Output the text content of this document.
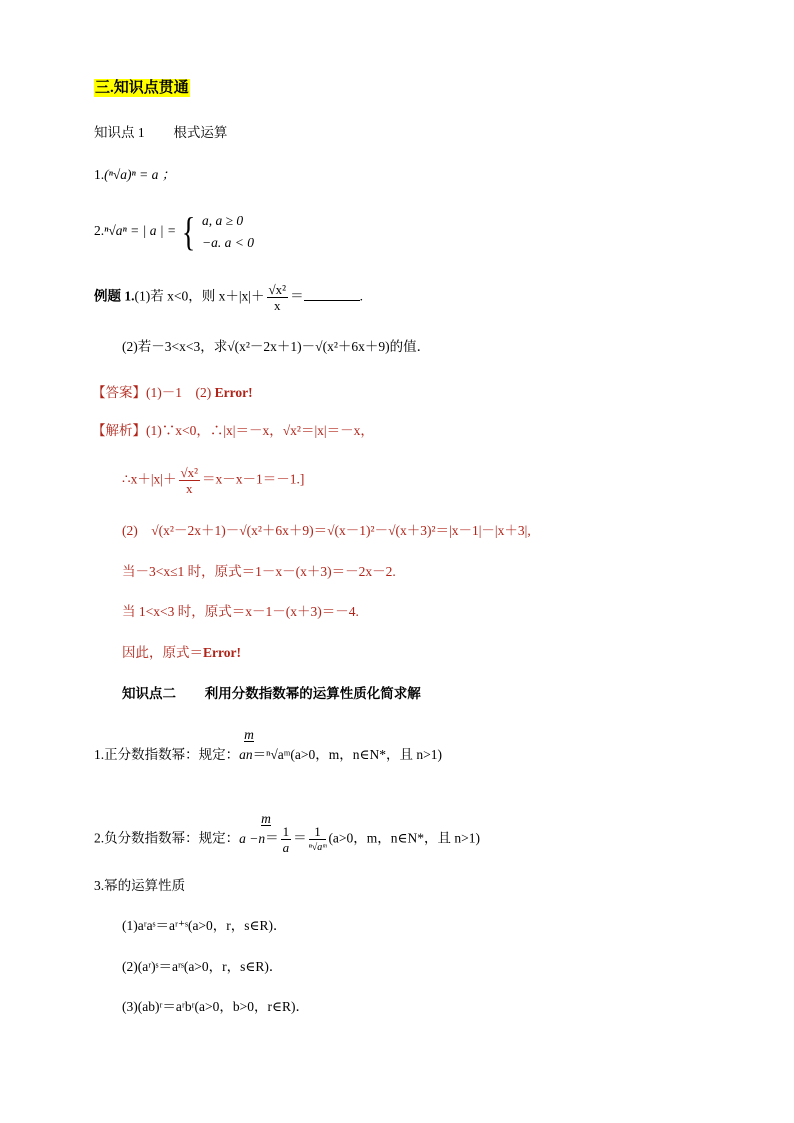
三.知识点贯通
知识点 1 根式运算
1.(ⁿ√a)ⁿ = a ；
2.ⁿ√aⁿ = | a | = { a, a ≥ 0
−a. a < 0
例题 1.(1)若 x<0，则 $x+|x|+ \frac{\text{√x²}}{x}$ ＝	.
(2)若－3<x<3，求√(x²－2x＋1)－√(x²＋6x＋9)的值．
【答案】(1)－1　(2) Error!
【解析】(1)∵x<0，∴|x|＝－x，√x²＝|x|＝－x，
∴x＋|x|＋ $\frac{\text{√x²}}{x} =x-x-1=-1$.]
(2)　√(x²－2x＋1)－√(x²＋6x＋9)＝√(x－1)²－√(x＋3)²＝|x－1|－|x＋3|,
当－3<x≤1 时，原式＝1－x－(x＋3)＝－2x－2.
当 1<x<3 时，原式＝x－1－(x＋3)＝－4.
因此，原式＝Error!
知识点二 利用分数指数幂的运算性质化简求解
1.正分数指数幂：规定：
m
an＝ⁿ√aᵐ(a>0，m，n∈N*，且 n>1)
2.负分数指数幂：规定：a −
m
$n= \frac{1}{a} = \frac{1}{\text{ⁿ√aᵐ}} (a>0$，m，n∈N*，且 n>1)
3.幂的运算性质
(1)aʳaˢ＝aʳ⁺ˢ(a>0，r，s∈R)．
(2)(aʳ)ˢ＝aʳˢ(a>0，r，s∈R)．
(3)(ab)ʳ＝aʳbʳ(a>0，b>0，r∈R)．
